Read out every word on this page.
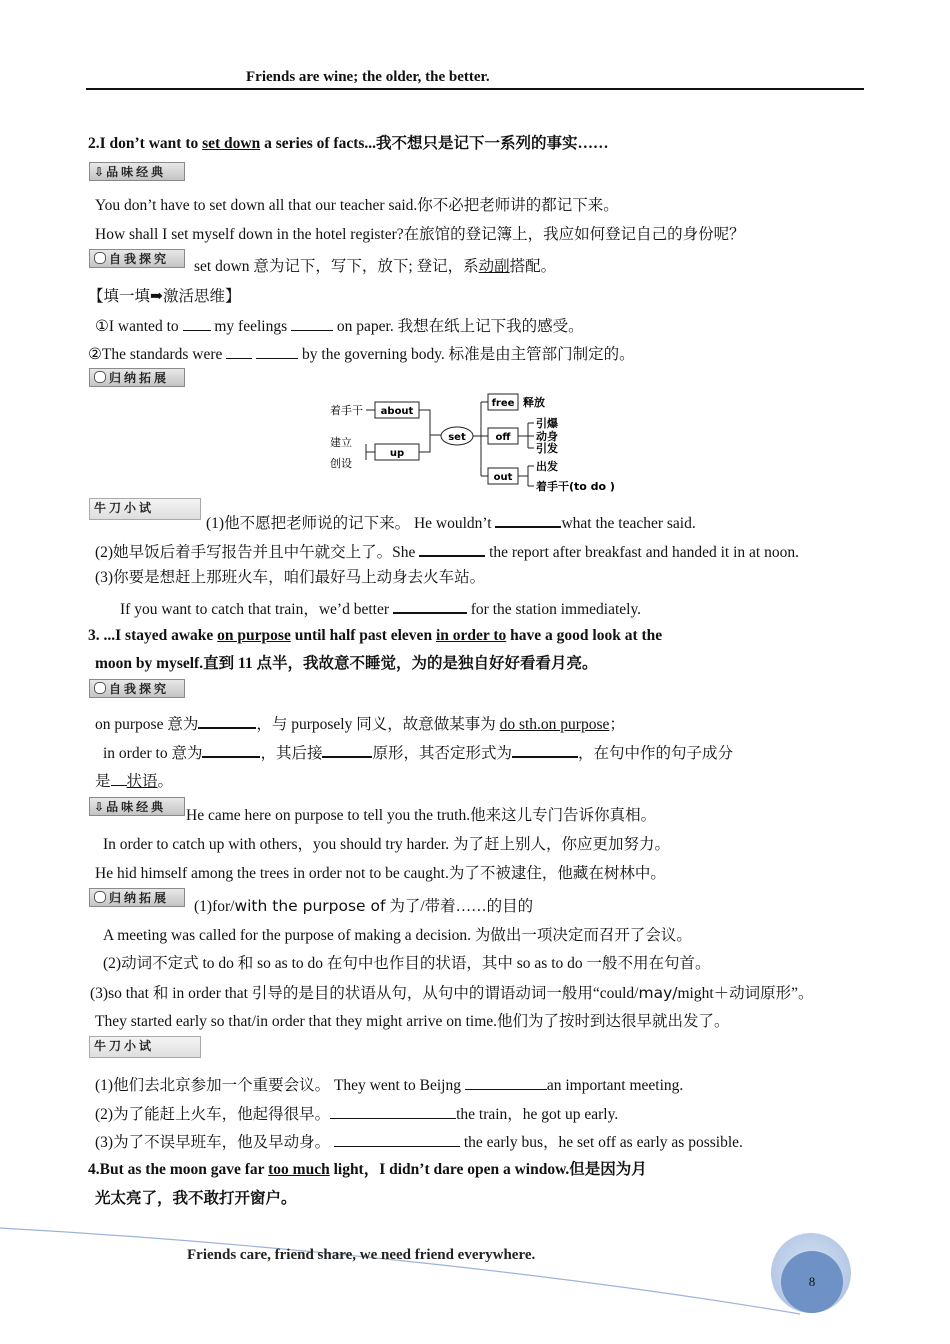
Friends are wine; the older, the better.
2.I don’t want to set down a series of facts...我不想只是记下一系列的事实……
⇩ 品味经典
You don’t have to set down all that our teacher said.你不必把老师讲的都记下来。
How shall I set myself down in the hotel register?在旅馆的登记簿上，我应如何登记自己的身份呢？
自我探究	set down 意为记下，写下，放下; 登记，系动副搭配。
【填一填➡激活思维】
①I wanted to  my feelings	on paper. 我想在纸上记下我的感受。
②The standards were	by the governing body. 标准是由主管部门制定的。
归纳拓展
着手干
建立
创设
about
up
set
free 释放
off
引爆
动身
引发
out
出发
着手干(to do )
牛刀小试
(1)他不愿把老师说的记下来。 He wouldn’t	what the teacher said.
(2)她早饭后着手写报告并且中午就交上了。She	the report after breakfast and handed it in at noon.
(3)你要是想赶上那班火车，咱们最好马上动身去火车站。
If you want to catch that train，we’d better	for the station immediately.
3. ...I stayed awake on purpose until half past eleven in order to have a good look at the
moon by myself.直到 11 点半，我故意不睡觉，为的是独自好好看看月亮。
自我探究
on purpose 意为	，与 purposely 同义，故意做某事为 do sth.on purpose；
in order to 意为	，其后接	原形，其否定形式为	，在句中作的句子成分
是 状语。
⇩ 品味经典	He came here on purpose to tell you the truth.他来这儿专门告诉你真相。
In order to catch up with others，you should try harder. 为了赶上别人，你应更加努力。
He hid himself among the trees in order not to be caught.为了不被逮住，他藏在树林中。
归纳拓展	(1)for/with the purpose of 为了/带着……的目的
A meeting was called for the purpose of making a decision. 为做出一项决定而召开了会议。
(2)动词不定式 to do 和 so as to do 在句中也作目的状语，其中 so as to do 一般不用在句首。
(3)so that 和 in order that 引导的是目的状语从句，从句中的谓语动词一般用“could/may/might＋动词原形”。
They started early so that/in order that they might arrive on time.他们为了按时到达很早就出发了。
牛刀小试
(1)他们去北京参加一个重要会议。 They went to Beijng	an important meeting.
(2)为了能赶上火车，他起得很早。	the train，he got up early.
(3)为了不误早班车，他及早动身。	the early bus，he set off as early as possible.
4.But as the moon gave far too much light，I didn’t dare open a window.但是因为月
光太亮了，我不敢打开窗户。
Friends care, friend share, we need friend everywhere.
8
